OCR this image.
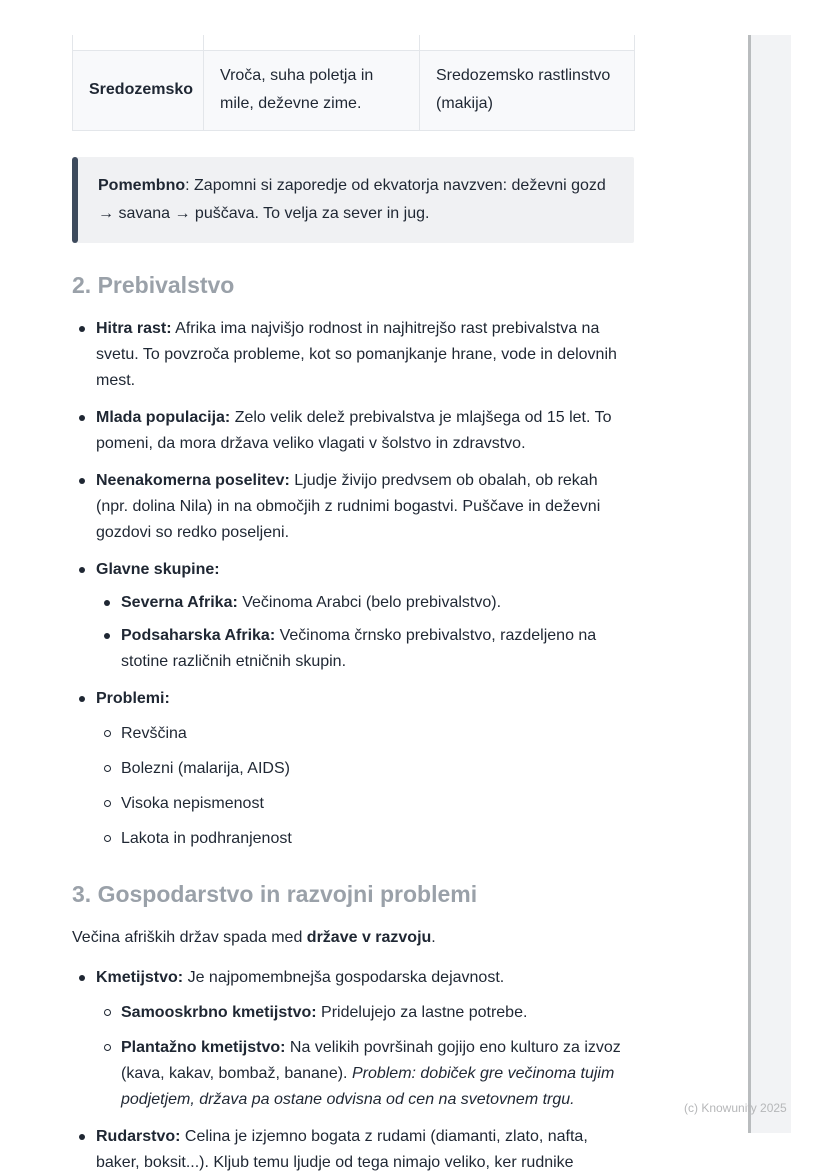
Sredozemsko	Vroča, suha poletja in mile, deževne zime.	Sredozemsko rastlinstvo (makija)
Pomembno: Zapomni si zaporedje od ekvatorja navzven: deževni gozd → savana → puščava. To velja za sever in jug.
2. Prebivalstvo
Hitra rast: Afrika ima najvišjo rodnost in najhitrejšo rast prebivalstva na svetu. To povzroča probleme, kot so pomanjkanje hrane, vode in delovnih mest.
Mlada populacija: Zelo velik delež prebivalstva je mlajšega od 15 let. To pomeni, da mora država veliko vlagati v šolstvo in zdravstvo.
Neenakomerna poselitev: Ljudje živijo predvsem ob obalah, ob rekah (npr. dolina Nila) in na območjih z rudnimi bogastvi. Puščave in deževni gozdovi so redko poseljeni.
Glavne skupine:
Severna Afrika: Večinoma Arabci (belo prebivalstvo).
Podsaharska Afrika: Večinoma črnsko prebivalstvo, razdeljeno na stotine različnih etničnih skupin.
Problemi:
Revščina
Bolezni (malarija, AIDS)
Visoka nepismenost
Lakota in podhranjenost
3. Gospodarstvo in razvojni problemi

Večina afriških držav spada med države v razvoju.

Kmetijstvo: Je najpomembnejša gospodarska dejavnost.
Samooskrbno kmetijstvo: Pridelujejo za lastne potrebe.
Plantažno kmetijstvo: Na velikih površinah gojijo eno kulturo za izvoz (kava, kakav, bombaž, banane). Problem: dobiček gre večinoma tujim podjetjem, država pa ostane odvisna od cen na svetovnem trgu.
Rudarstvo: Celina je izjemno bogata z rudami (diamanti, zlato, nafta, baker, boksit...). Kljub temu ljudje od tega nimajo veliko, ker rudnike
(c) Knowunity 2025
